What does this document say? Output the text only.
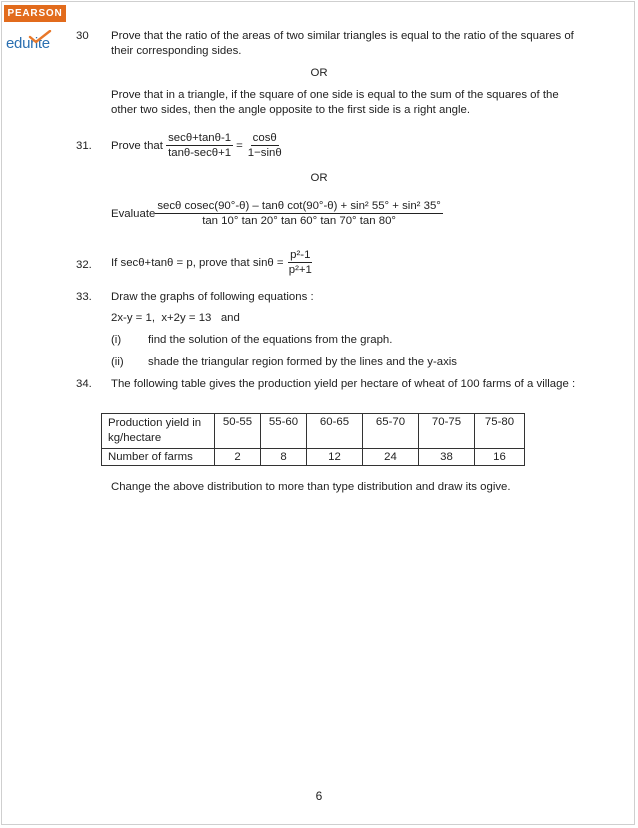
PEARSON
edurite 30 Prove that the ratio of the areas of two similar triangles is equal to the ratio of the squares of their corresponding sides.
OR
Prove that in a triangle, if the square of one side is equal to the sum of the squares of the other two sides, then the angle opposite to the first side is a right angle.
31. Prove that
$\frac{\sec\theta+\tan\theta-1}{\tan\theta-\sec\theta+1} = \frac{\cos\theta}{1-\sin\theta}$
OR
Evaluate $\frac{\text{secθ cosec(90°-θ) – tanθ cot(90°-θ) + sin² 55° + sin² 35°}}{\tan 10^\circ \tan 20^\circ \tan 60^\circ \tan 70^\circ \tan 80^\circ}$
32. If secθ+tanθ = p, prove that sinθ =
$\frac{\text{p²-1}}{\text{p²+1}}$
33. Draw the graphs of following equations :
2x-y = 1,  x+2y = 13   and
(i) find the solution of the equations from the graph.
(ii) shade the triangular region formed by the lines and the y-axis
34. The following table gives the production yield per hectare of wheat of 100 farms of a village :
Production yield in kg/hectare	50-55	55-60	60-65	65-70	70-75	75-80
Number of farms	2	8	12	24	38	16
Change the above distribution to more than type distribution and draw its ogive.
6
